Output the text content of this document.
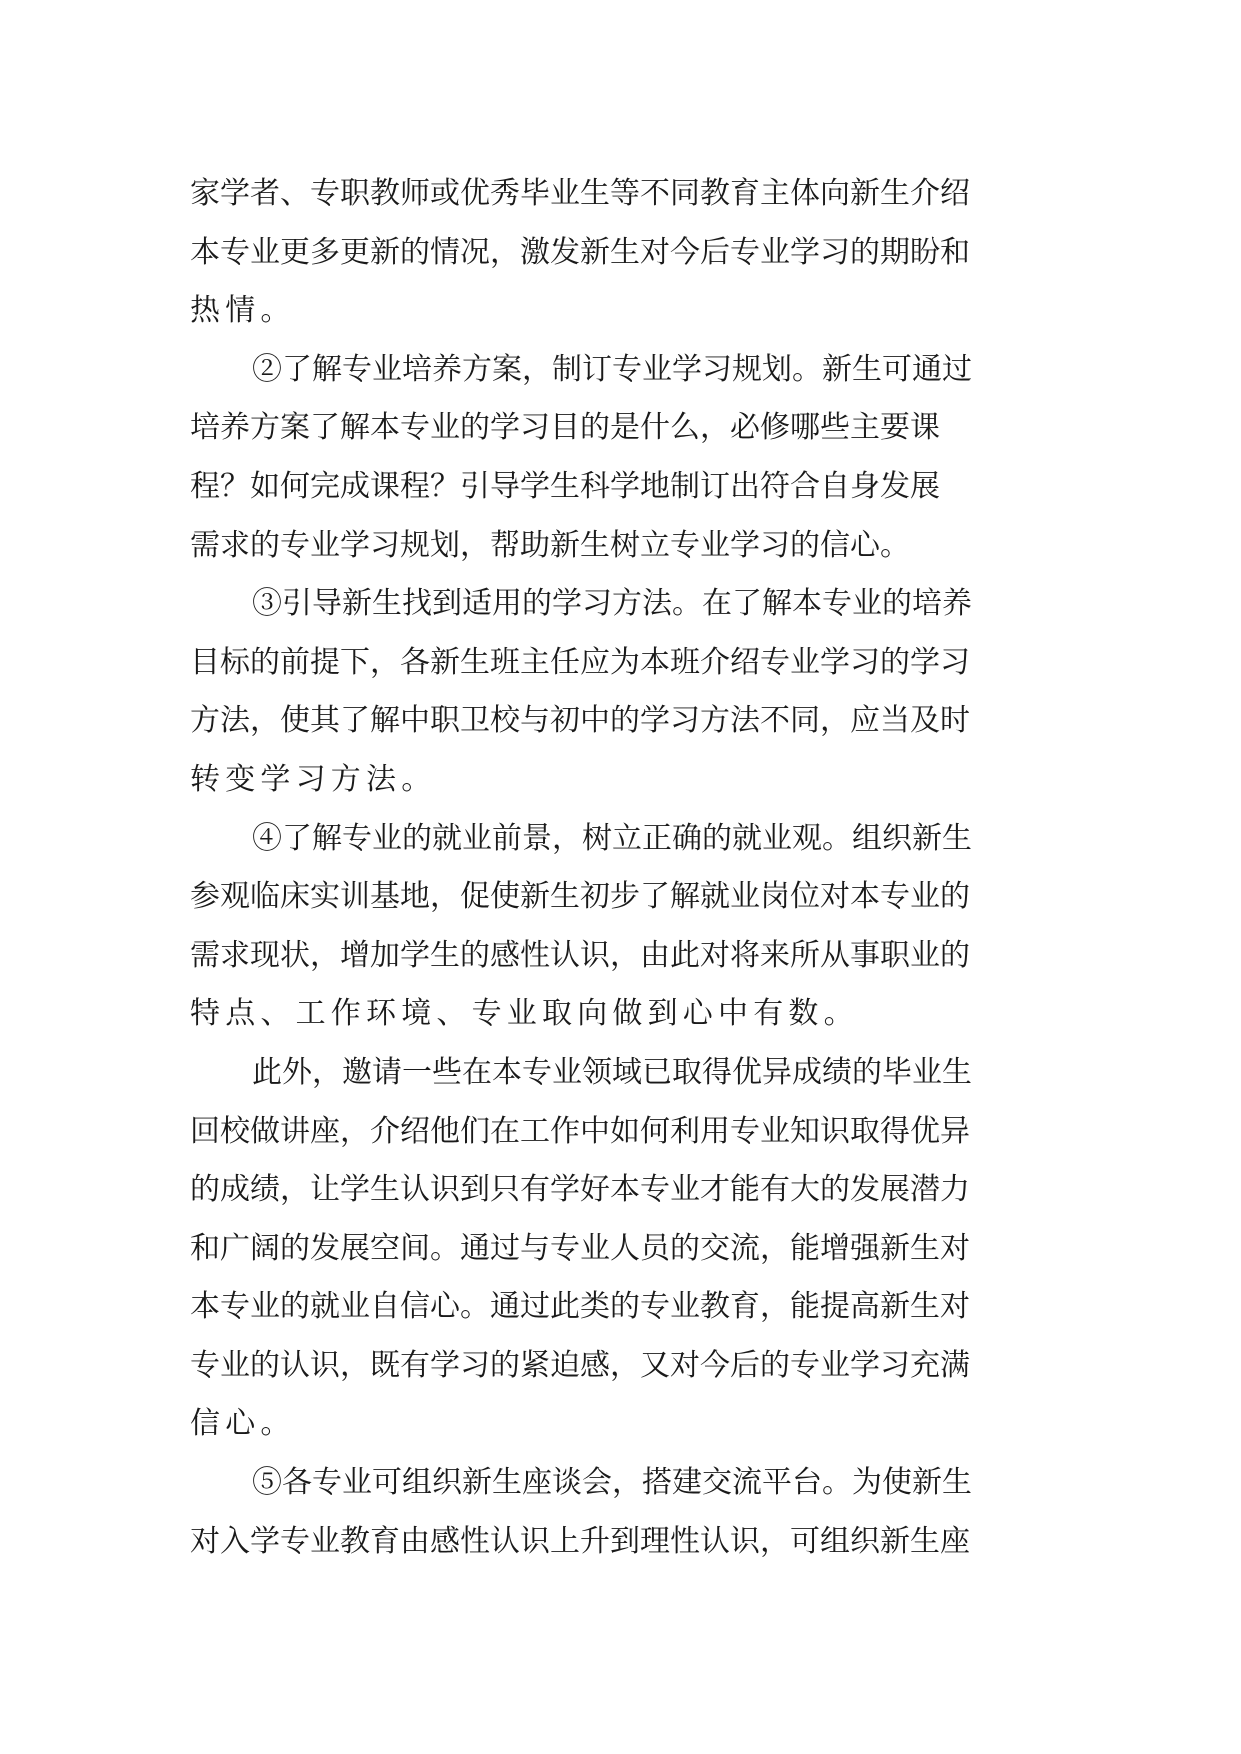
家学者、专职教师或优秀毕业生等不同教育主体向新生介绍
本专业更多更新的情况，激发新生对今后专业学习的期盼和
热情。
②了解专业培养方案，制订专业学习规划。新生可通过
培养方案了解本专业的学习目的是什么，必修哪些主要课
程？如何完成课程？引导学生科学地制订出符合自身发展
需求的专业学习规划，帮助新生树立专业学习的信心。
③引导新生找到适用的学习方法。在了解本专业的培养
目标的前提下，各新生班主任应为本班介绍专业学习的学习
方法，使其了解中职卫校与初中的学习方法不同，应当及时
转变学习方法。
④了解专业的就业前景，树立正确的就业观。组织新生
参观临床实训基地，促使新生初步了解就业岗位对本专业的
需求现状，增加学生的感性认识，由此对将来所从事职业的
特点、工作环境、专业取向做到心中有数。
此外，邀请一些在本专业领域已取得优异成绩的毕业生
回校做讲座，介绍他们在工作中如何利用专业知识取得优异
的成绩，让学生认识到只有学好本专业才能有大的发展潜力
和广阔的发展空间。通过与专业人员的交流，能增强新生对
本专业的就业自信心。通过此类的专业教育，能提高新生对
专业的认识，既有学习的紧迫感，又对今后的专业学习充满
信心。
⑤各专业可组织新生座谈会，搭建交流平台。为使新生
对入学专业教育由感性认识上升到理性认识，可组织新生座
